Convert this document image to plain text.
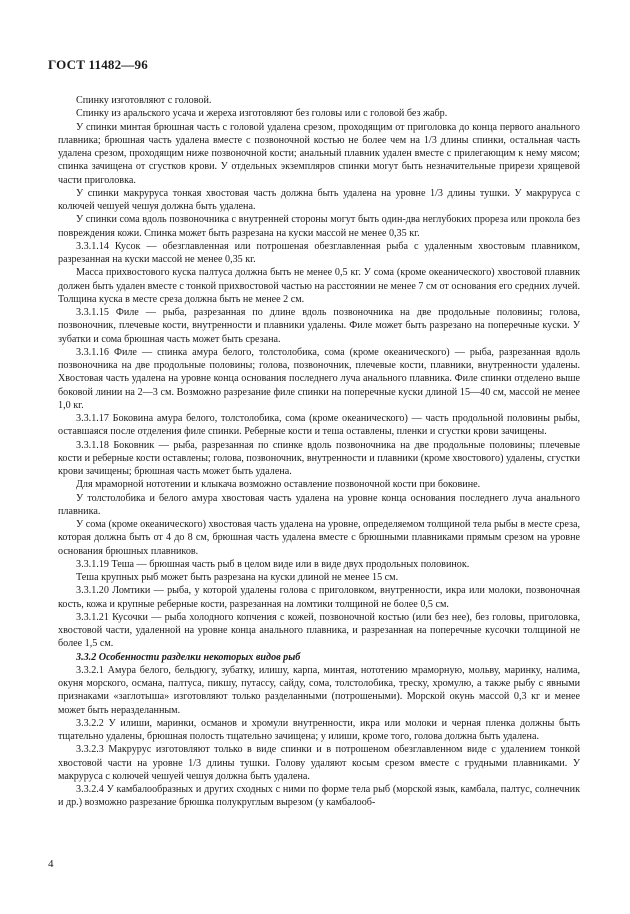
ГОСТ 11482—96

Спинку изготовляют с головой.

Спинку из аральского усача и жереха изготовляют без головы или с головой без жабр.

У спинки минтая брюшная часть с головой удалена срезом, проходящим от приголовка до конца первого анального плавника; брюшная часть удалена вместе с позвоночной костью не более чем на 1/3 длины спинки, остальная часть удалена срезом, проходящим ниже позвоночной кости; анальный плавник удален вместе с прилегающим к нему мясом; спинка зачищена от сгустков крови. У отдельных экземпляров спинки могут быть незначительные прирези хрящевой части приголовка.

У спинки макруруса тонкая хвостовая часть должна быть удалена на уровне 1/3 длины тушки. У макруруса с колючей чешуей чешуя должна быть удалена.

У спинки сома вдоль позвоночника с внутренней стороны могут быть один-два неглубоких прореза или прокола без повреждения кожи. Спинка может быть разрезана на куски массой не менее 0,35 кг.

3.3.1.14 Кусок — обезглавленная или потрошеная обезглавленная рыба с удаленным хвостовым плавником, разрезанная на куски массой не менее 0,35 кг.

Масса прихвостового куска палтуса должна быть не менее 0,5 кг. У сома (кроме океанического) хвостовой плавник должен быть удален вместе с тонкой прихвостовой частью на расстоянии не менее 7 см от основания его средних лучей. Толщина куска в месте среза должна быть не менее 2 см.

3.3.1.15 Филе — рыба, разрезанная по длине вдоль позвоночника на две продольные половины; голова, позвоночник, плечевые кости, внутренности и плавники удалены. Филе может быть разрезано на поперечные куски. У зубатки и сома брюшная часть может быть срезана.

3.3.1.16 Филе — спинка амура белого, толстолобика, сома (кроме океанического) — рыба, разрезанная вдоль позвоночника на две продольные половины; голова, позвоночник, плечевые кости, плавники, внутренности удалены. Хвостовая часть удалена на уровне конца основания последнего луча анального плавника. Филе спинки отделено выше боковой линии на 2—3 см. Возможно разрезание филе спинки на поперечные куски длиной 15—40 см, массой не менее 1,0 кг.

3.3.1.17 Боковина амура белого, толстолобика, сома (кроме океанического) — часть продольной половины рыбы, оставшаяся после отделения филе спинки. Реберные кости и теша оставлены, пленки и сгустки крови зачищены.

3.3.1.18 Боковник — рыба, разрезанная по спинке вдоль позвоночника на две продольные половины; плечевые кости и реберные кости оставлены; голова, позвоночник, внутренности и плавники (кроме хвостового) удалены, сгустки крови зачищены; брюшная часть может быть удалена.

Для мраморной нототении и клыкача возможно оставление позвоночной кости при боковине.

У толстолобика и белого амура хвостовая часть удалена на уровне конца основания последнего луча анального плавника.

У сома (кроме океанического) хвостовая часть удалена на уровне, определяемом толщиной тела рыбы в месте среза, которая должна быть от 4 до 8 см, брюшная часть удалена вместе с брюшными плавниками прямым срезом на уровне основания брюшных плавников.

3.3.1.19 Теша — брюшная часть рыб в целом виде или в виде двух продольных половинок.

Теша крупных рыб может быть разрезана на куски длиной не менее 15 см.

3.3.1.20 Ломтики — рыба, у которой удалены голова с приголовком, внутренности, икра или молоки, позвоночная кость, кожа и крупные реберные кости, разрезанная на ломтики толщиной не более 0,5 см.

3.3.1.21 Кусочки — рыба холодного копчения с кожей, позвоночной костью (или без нее), без головы, приголовка, хвостовой части, удаленной на уровне конца анального плавника, и разрезанная на поперечные кусочки толщиной не более 1,5 см.

3.3.2 Особенности разделки некоторых видов рыб

3.3.2.1 Амура белого, бельдюгу, зубатку, илишу, карпа, минтая, нототению мраморную, мольву, маринку, налима, окуня морского, османа, палтуса, пикшу, путассу, сайду, сома, толстолобика, треску, хромулю, а также рыбу с явными признаками «заглотыша» изготовляют только разделанными (потрошеными). Морской окунь массой 0,3 кг и менее может быть неразделанным.

3.3.2.2 У илиши, маринки, османов и хромули внутренности, икра или молоки и черная пленка должны быть тщательно удалены, брюшная полость тщательно зачищена; у илиши, кроме того, голова должна быть удалена.

3.3.2.3 Макрурус изготовляют только в виде спинки и в потрошеном обезглавленном виде с удалением тонкой хвостовой части на уровне 1/3 длины тушки. Голову удаляют косым срезом вместе с грудными плавниками. У макруруса с колючей чешуей чешуя должна быть удалена.

3.3.2.4 У камбалообразных и других сходных с ними по форме тела рыб (морской язык, камбала, палтус, солнечник и др.) возможно разрезание брюшка полукруглым вырезом (у камбалооб-

4
